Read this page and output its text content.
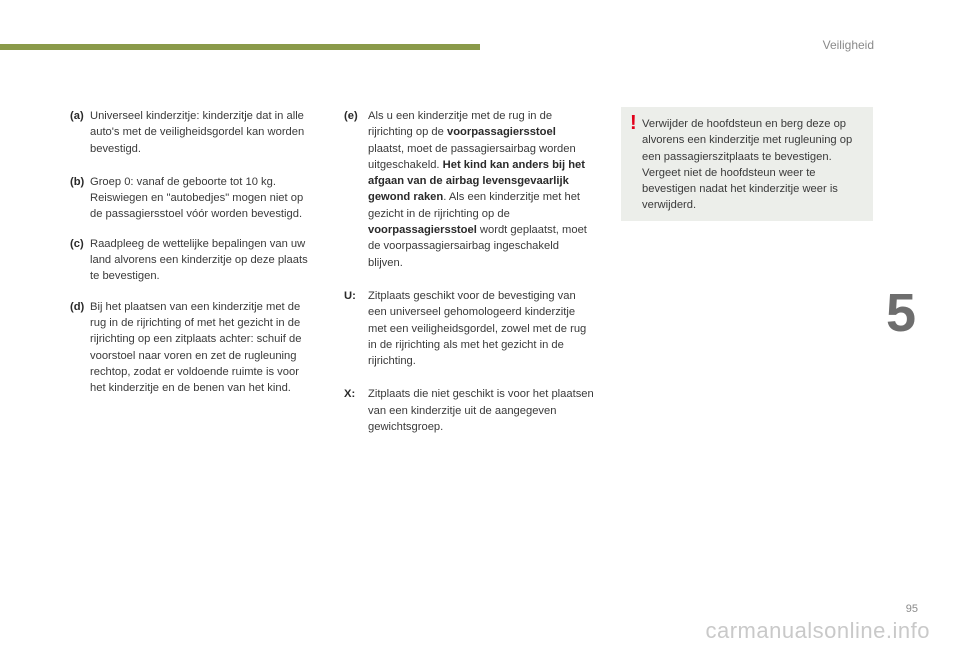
Veiligheid
(a) Universeel kinderzitje: kinderzitje dat in alle auto's met de veiligheidsgordel kan worden bevestigd.
(b) Groep 0: vanaf de geboorte tot 10 kg. Reiswiegen en "autobedjes" mogen niet op de passagiersstoel vóór worden bevestigd.
(c) Raadpleeg de wettelijke bepalingen van uw land alvorens een kinderzitje op deze plaats te bevestigen.
(d) Bij het plaatsen van een kinderzitje met de rug in de rijrichting of met het gezicht in de rijrichting op een zitplaats achter: schuif de voorstoel naar voren en zet de rugleuning rechtop, zodat er voldoende ruimte is voor het kinderzitje en de benen van het kind.
(e) Als u een kinderzitje met de rug in de rijrichting op de voorpassagiersstoel plaatst, moet de passagiersairbag worden uitgeschakeld. Het kind kan anders bij het afgaan van de airbag levensgevaarlijk gewond raken. Als een kinderzitje met het gezicht in de rijrichting op de voorpassagiersstoel wordt geplaatst, moet de voorpassagiersairbag ingeschakeld blijven.
U:	Zitplaats geschikt voor de bevestiging van een universeel gehomologeerd kinderzitje met een veiligheidsgordel, zowel met de rug in de rijrichting als met het gezicht in de rijrichting.
X:	Zitplaats die niet geschikt is voor het plaatsen van een kinderzitje uit de aangegeven gewichtsgroep.
! Verwijder de hoofdsteun en berg deze op alvorens een kinderzitje met rugleuning op een passagierszitplaats te bevestigen. Vergeet niet de hoofdsteun weer te bevestigen nadat het kinderzitje weer is verwijderd.
5
95
carmanualsonline.info
